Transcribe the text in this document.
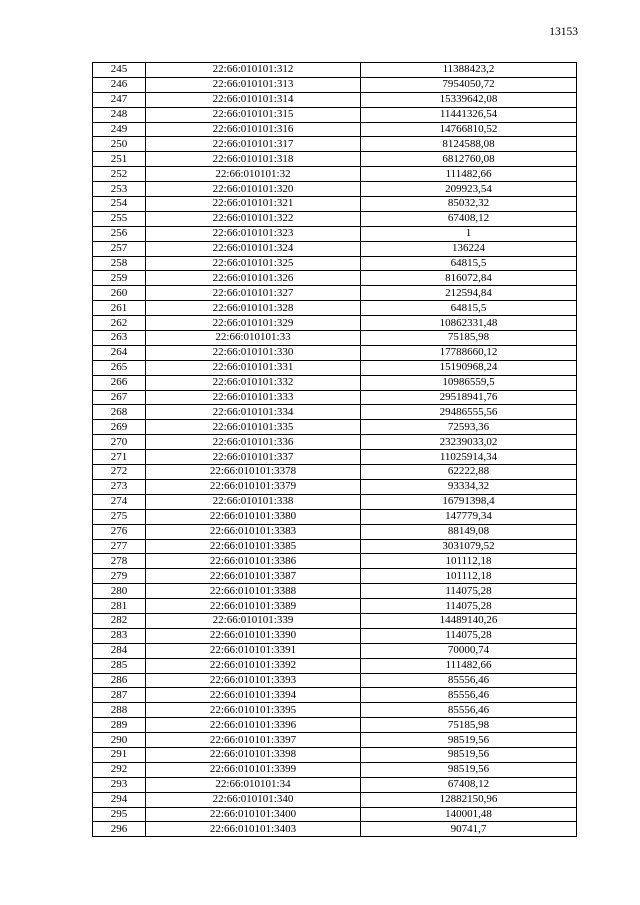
13153
245	22:66:010101:312	11388423,2
246	22:66:010101:313	7954050,72
247	22:66:010101:314	15339642,08
248	22:66:010101:315	11441326,54
249	22:66:010101:316	14766810,52
250	22:66:010101:317	8124588,08
251	22:66:010101:318	6812760,08
252	22:66:010101:32	111482,66
253	22:66:010101:320	209923,54
254	22:66:010101:321	85032,32
255	22:66:010101:322	67408,12
256	22:66:010101:323	1
257	22:66:010101:324	136224
258	22:66:010101:325	64815,5
259	22:66:010101:326	816072,84
260	22:66:010101:327	212594,84
261	22:66:010101:328	64815,5
262	22:66:010101:329	10862331,48
263	22:66:010101:33	75185,98
264	22:66:010101:330	17788660,12
265	22:66:010101:331	15190968,24
266	22:66:010101:332	10986559,5
267	22:66:010101:333	29518941,76
268	22:66:010101:334	29486555,56
269	22:66:010101:335	72593,36
270	22:66:010101:336	23239033,02
271	22:66:010101:337	11025914,34
272	22:66:010101:3378	62222,88
273	22:66:010101:3379	93334,32
274	22:66:010101:338	16791398,4
275	22:66:010101:3380	147779,34
276	22:66:010101:3383	88149,08
277	22:66:010101:3385	3031079,52
278	22:66:010101:3386	101112,18
279	22:66:010101:3387	101112,18
280	22:66:010101:3388	114075,28
281	22:66:010101:3389	114075,28
282	22:66:010101:339	14489140,26
283	22:66:010101:3390	114075,28
284	22:66:010101:3391	70000,74
285	22:66:010101:3392	111482,66
286	22:66:010101:3393	85556,46
287	22:66:010101:3394	85556,46
288	22:66:010101:3395	85556,46
289	22:66:010101:3396	75185,98
290	22:66:010101:3397	98519,56
291	22:66:010101:3398	98519,56
292	22:66:010101:3399	98519,56
293	22:66:010101:34	67408,12
294	22:66:010101:340	12882150,96
295	22:66:010101:3400	140001,48
296	22:66:010101:3403	90741,7
